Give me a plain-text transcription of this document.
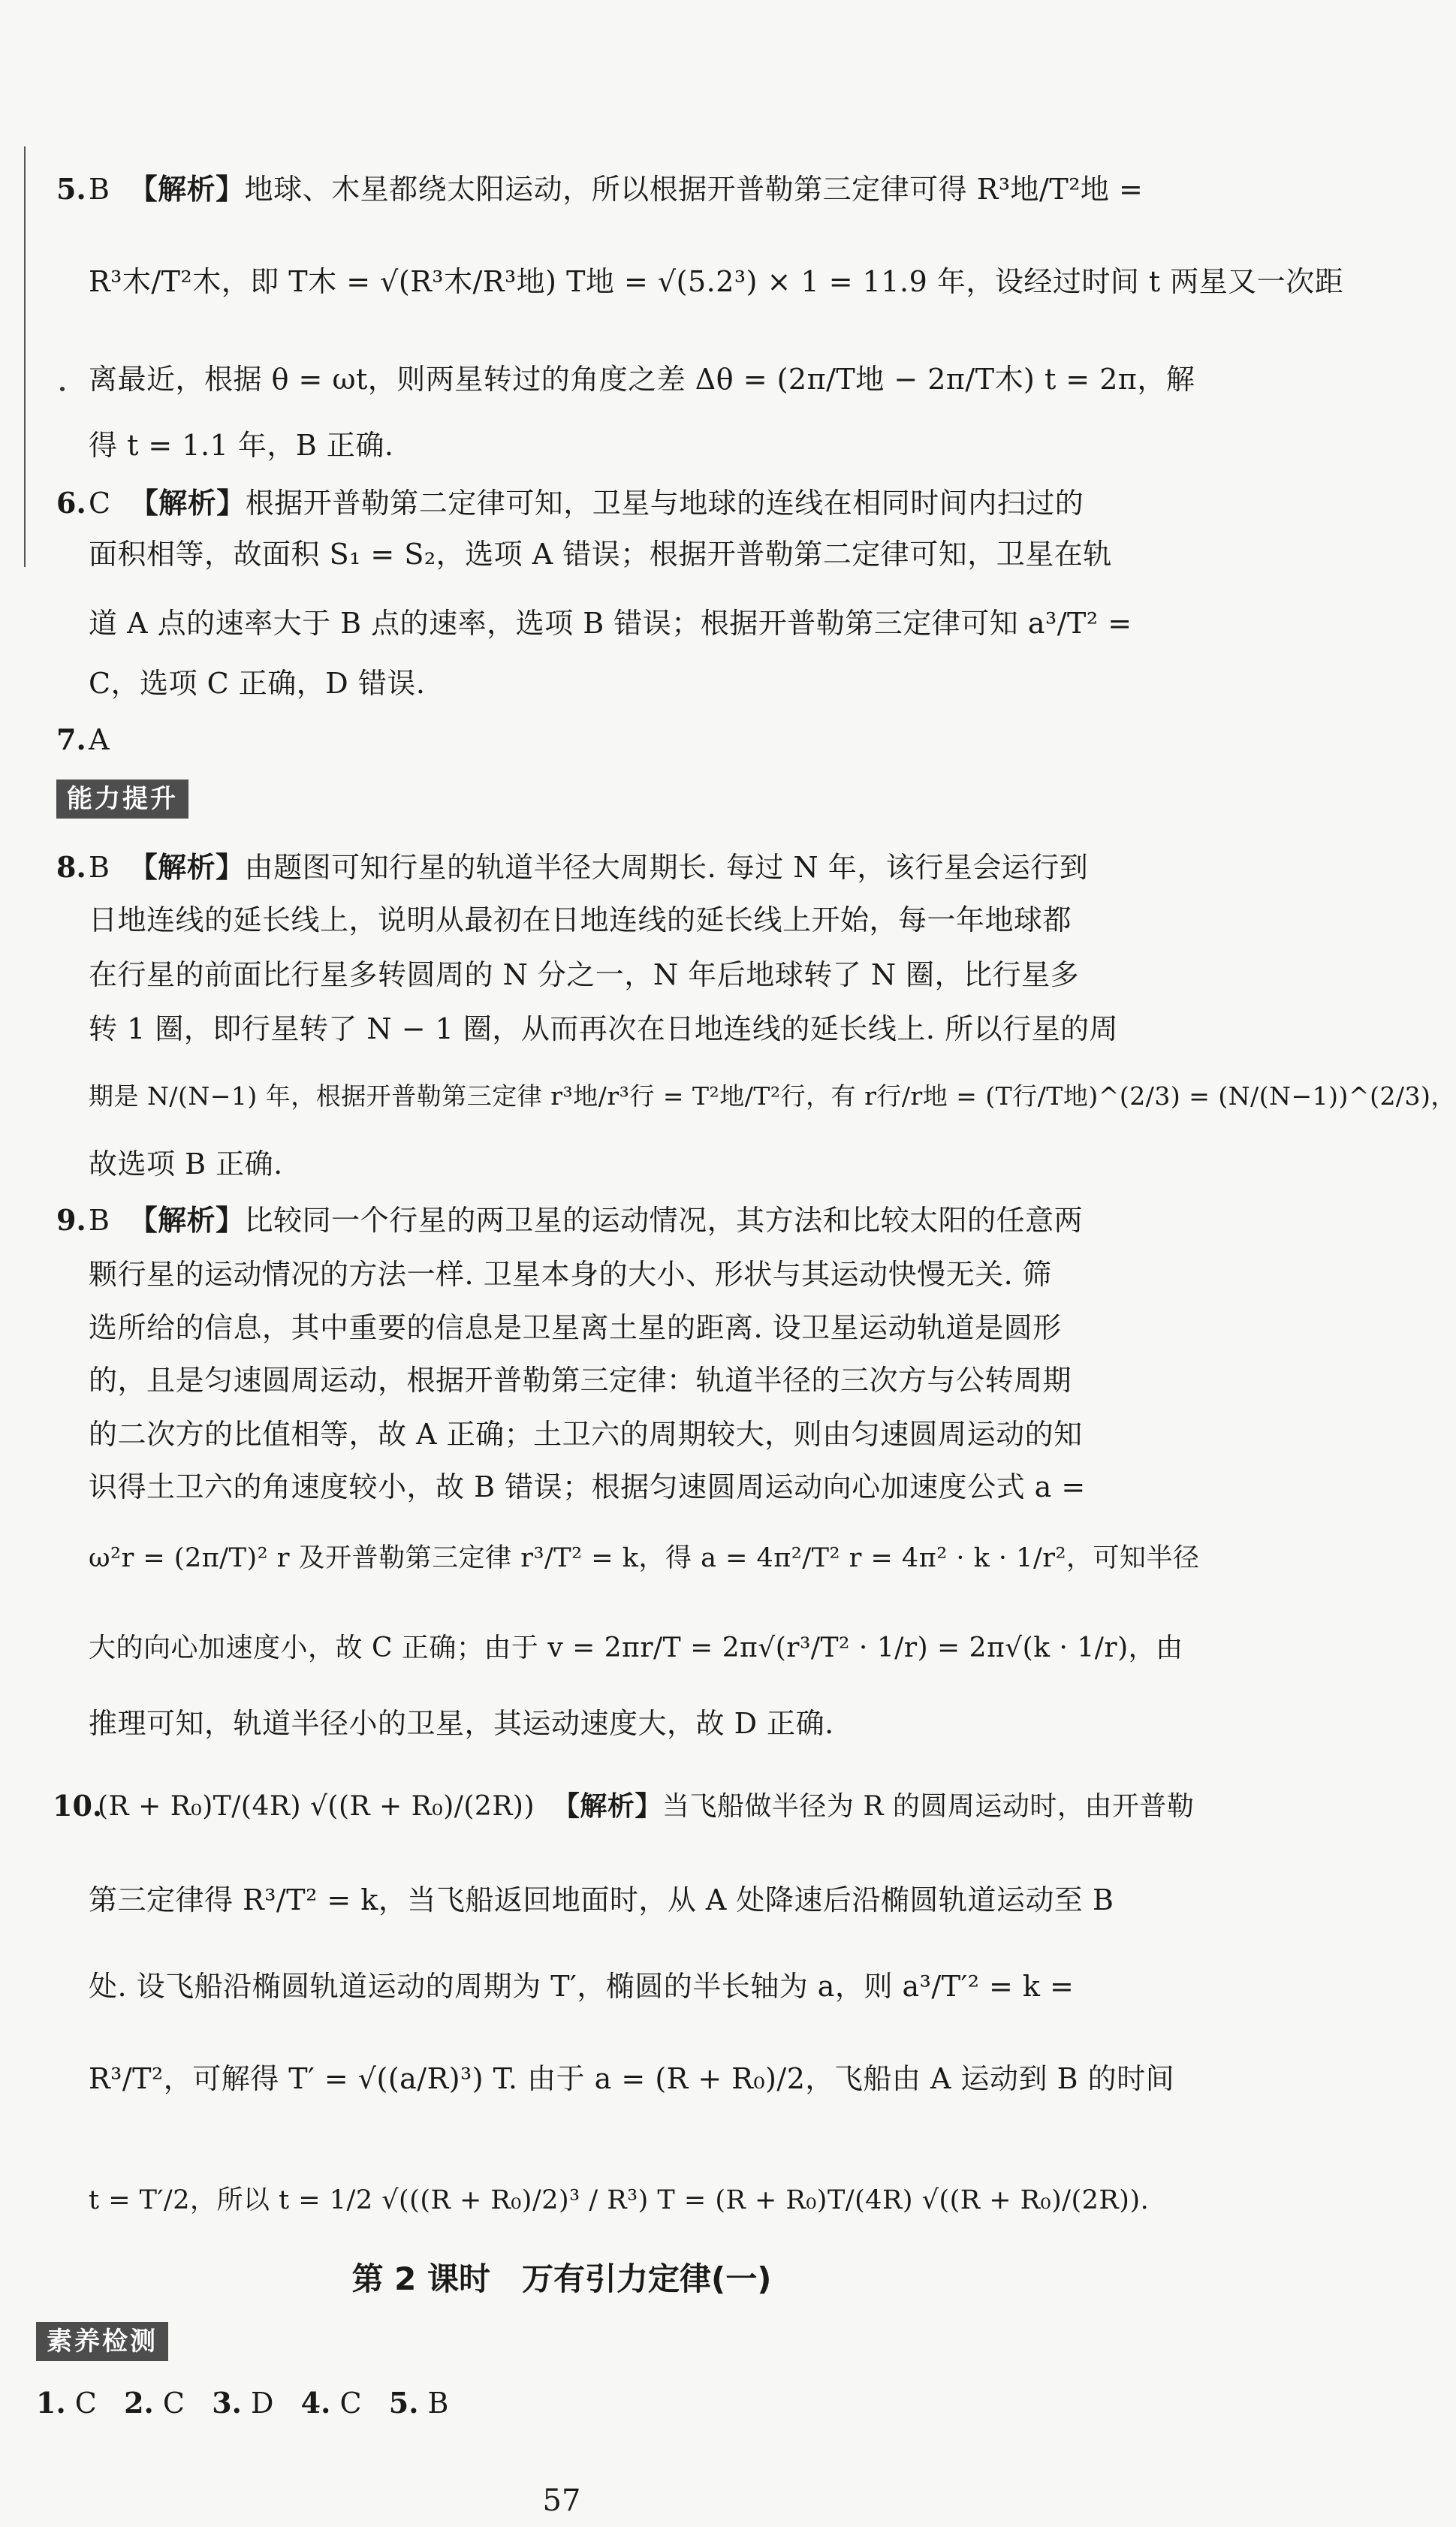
5. B 【解析】地球、木星都绕太阳运动，所以根据开普勒第三定律可得 R³地/T²地 =
R³木/T²木，即 T木 = √(R³木/R³地) T地 = √(5.2³) × 1 = 11.9 年，设经过时间 t 两星又一次距
离最近，根据 θ = ωt，则两星转过的角度之差 Δθ = (2π/T地 − 2π/T木) t = 2π，解
得 t = 1.1 年，B 正确.
6. C 【解析】根据开普勒第二定律可知，卫星与地球的连线在相同时间内扫过的
面积相等，故面积 S₁ = S₂，选项 A 错误；根据开普勒第二定律可知，卫星在轨
道 A 点的速率大于 B 点的速率，选项 B 错误；根据开普勒第三定律可知 a³/T² =
C，选项 C 正确，D 错误.
7. A
能力提升
8. B 【解析】由题图可知行星的轨道半径大周期长. 每过 N 年，该行星会运行到
日地连线的延长线上，说明从最初在日地连线的延长线上开始，每一年地球都
在行星的前面比行星多转圆周的 N 分之一，N 年后地球转了 N 圈，比行星多
转 1 圈，即行星转了 N − 1 圈，从而再次在日地连线的延长线上. 所以行星的周
期是 N/(N−1) 年，根据开普勒第三定律 r³地/r³行 = T²地/T²行，有 r行/r地 = (T行/T地)^(2/3) = (N/(N−1))^(2/3)，
故选项 B 正确.
9. B 【解析】比较同一个行星的两卫星的运动情况，其方法和比较太阳的任意两
颗行星的运动情况的方法一样. 卫星本身的大小、形状与其运动快慢无关. 筛
选所给的信息，其中重要的信息是卫星离土星的距离. 设卫星运动轨道是圆形
的，且是匀速圆周运动，根据开普勒第三定律：轨道半径的三次方与公转周期
的二次方的比值相等，故 A 正确；土卫六的周期较大，则由匀速圆周运动的知
识得土卫六的角速度较小，故 B 错误；根据匀速圆周运动向心加速度公式 a =
ω²r = (2π/T)² r 及开普勒第三定律 r³/T² = k，得 a = 4π²/T² r = 4π² · k · 1/r²，可知半径
大的向心加速度小，故 C 正确；由于 v = 2πr/T = 2π√(r³/T² · 1/r) = 2π√(k · 1/r)，由
推理可知，轨道半径小的卫星，其运动速度大，故 D 正确.
10.
(R + R₀)T/(4R) √((R + R₀)/(2R)) 【解析】当飞船做半径为 R 的圆周运动时，由开普勒
第三定律得 R³/T² = k，当飞船返回地面时，从 A 处降速后沿椭圆轨道运动至 B
处. 设飞船沿椭圆轨道运动的周期为 T′，椭圆的半长轴为 a，则 a³/T′² = k =
R³/T²，可解得 T′ = √((a/R)³) T. 由于 a = (R + R₀)/2，飞船由 A 运动到 B 的时间
t = T′/2，所以 t = 1/2 √(((R + R₀)/2)³ / R³) T = (R + R₀)T/(4R) √((R + R₀)/(2R)).
第 2 课时　万有引力定律(一)
素养检测
1. C 2. C 3. D 4. C 5. B
57
